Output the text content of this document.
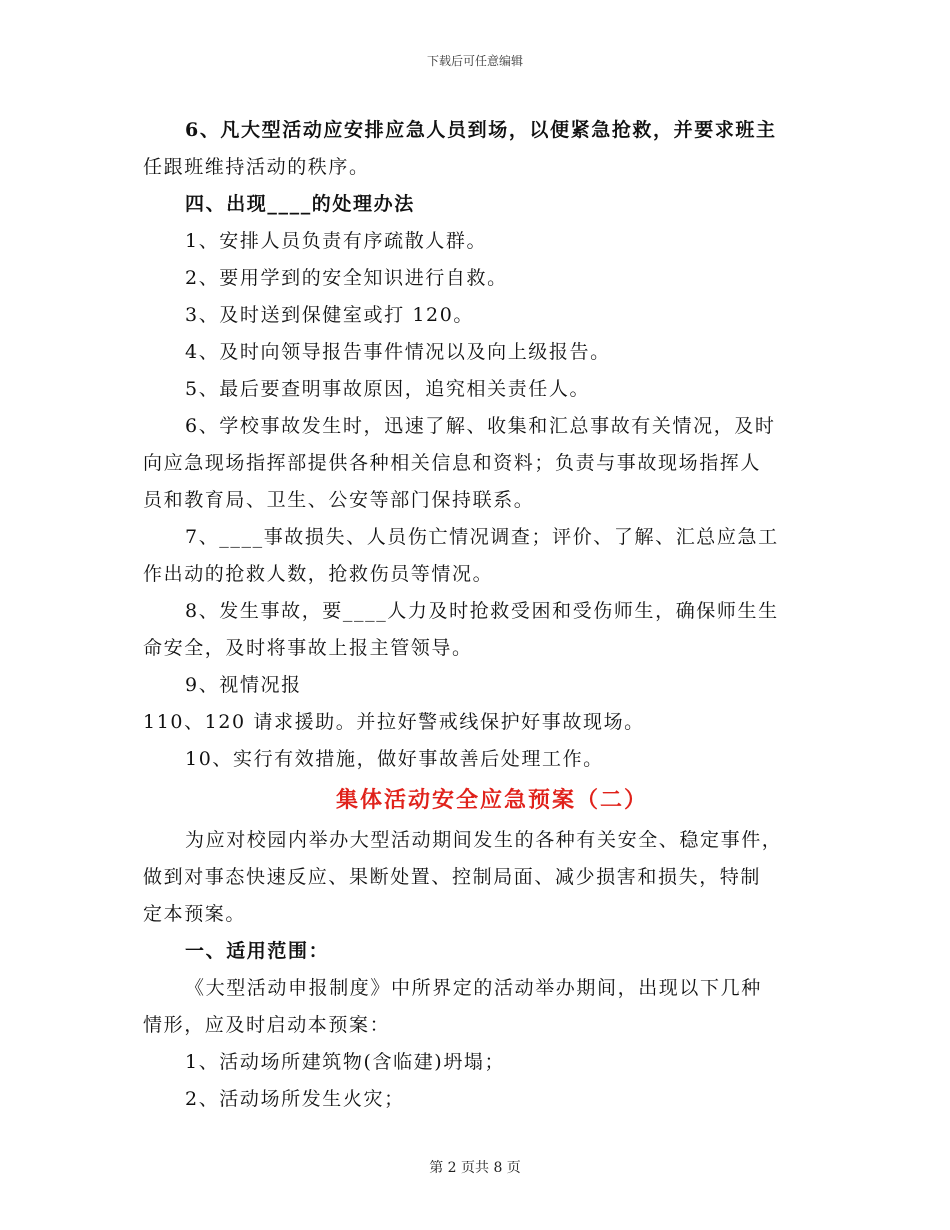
下载后可任意编辑
6、凡大型活动应安排应急人员到场，以便紧急抢救，并要求班主
任跟班维持活动的秩序。
四、出现____的处理办法
1、安排人员负责有序疏散人群。
2、要用学到的安全知识进行自救。
3、及时送到保健室或打 120。
4、及时向领导报告事件情况以及向上级报告。
5、最后要查明事故原因，追究相关责任人。
6、学校事故发生时，迅速了解、收集和汇总事故有关情况，及时
向应急现场指挥部提供各种相关信息和资料；负责与事故现场指挥人
员和教育局、卫生、公安等部门保持联系。
7、____事故损失、人员伤亡情况调查；评价、了解、汇总应急工
作出动的抢救人数，抢救伤员等情况。
8、发生事故，要____人力及时抢救受困和受伤师生，确保师生生
命安全，及时将事故上报主管领导。
9、视情况报
110、120 请求援助。并拉好警戒线保护好事故现场。
10、实行有效措施，做好事故善后处理工作。
集体活动安全应急预案（二）
为应对校园内举办大型活动期间发生的各种有关安全、稳定事件，
做到对事态快速反应、果断处置、控制局面、减少损害和损失，特制
定本预案。
一、适用范围：
《大型活动申报制度》中所界定的活动举办期间，出现以下几种
情形，应及时启动本预案：
1、活动场所建筑物(含临建)坍塌；
2、活动场所发生火灾；
第 2 页共 8 页
